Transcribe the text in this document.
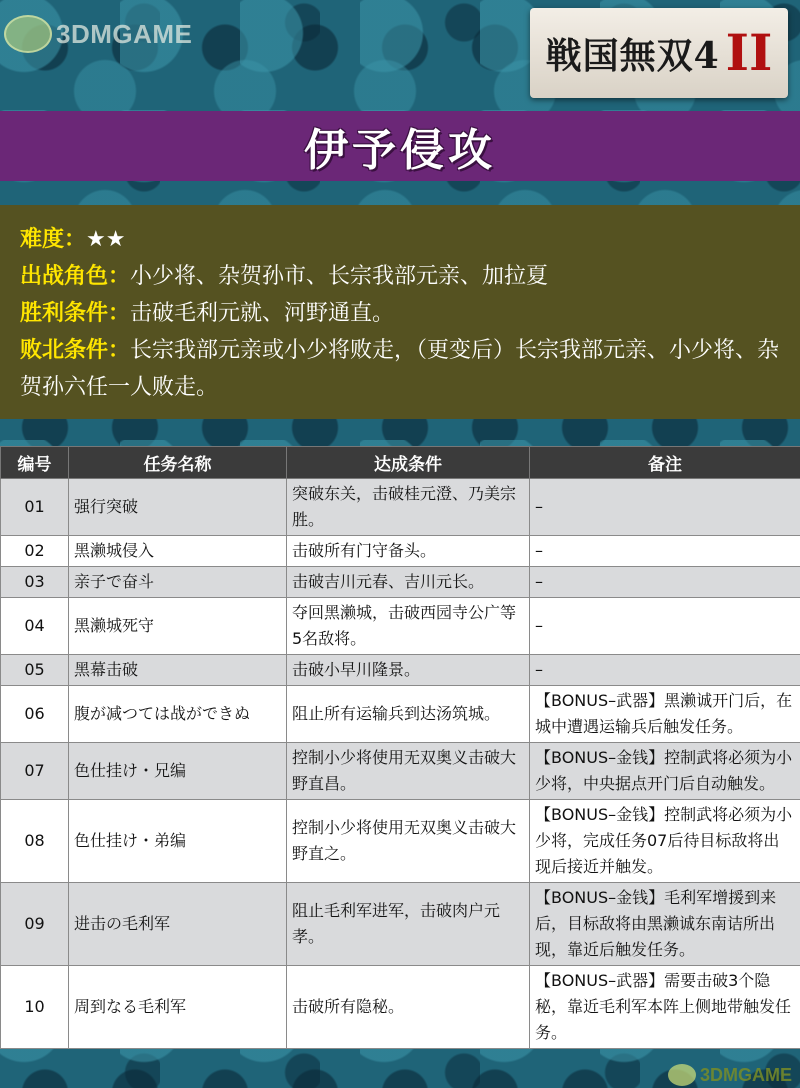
3DMGAME
戦国無双4 II
伊予侵攻

难度：★★

出战角色：小少将、杂贺孙市、长宗我部元亲、加拉夏

胜利条件：击破毛利元就、河野通直。

败北条件：长宗我部元亲或小少将败走，（更变后）长宗我部元亲、小少将、杂贺孙六任一人败走。

编号	任务名称	达成条件	备注
01	强行突破	突破东关，击破桂元澄、乃美宗胜。	–
02	黑濑城侵入	击破所有门守备头。	–
03	亲子で奋斗	击破吉川元春、吉川元长。	–
04	黑濑城死守	夺回黑濑城，击破西园寺公广等5名敌将。	–
05	黑幕击破	击破小早川隆景。	–
06	腹が减つては战ができぬ	阻止所有运输兵到达汤筑城。	【BONUS–武器】黑濑诚开门后，在城中遭遇运输兵后触发任务。
07	色仕挂け・兄编	控制小少将使用无双奥义击破大野直昌。	【BONUS–金钱】控制武将必须为小少将，中央据点开门后自动触发。
08	色仕挂け・弟编	控制小少将使用无双奥义击破大野直之。	【BONUS–金钱】控制武将必须为小少将，完成任务07后待目标敌将出现后接近并触发。
09	进击の毛利军	阻止毛利军进军，击破肉户元孝。	【BONUS–金钱】毛利军增援到来后，目标敌将由黑濑诚东南诘所出现，靠近后触发任务。
10	周到なる毛利军	击破所有隐秘。	【BONUS–武器】需要击破3个隐秘，靠近毛利军本阵上侧地带触发任务。
3DMGAME
